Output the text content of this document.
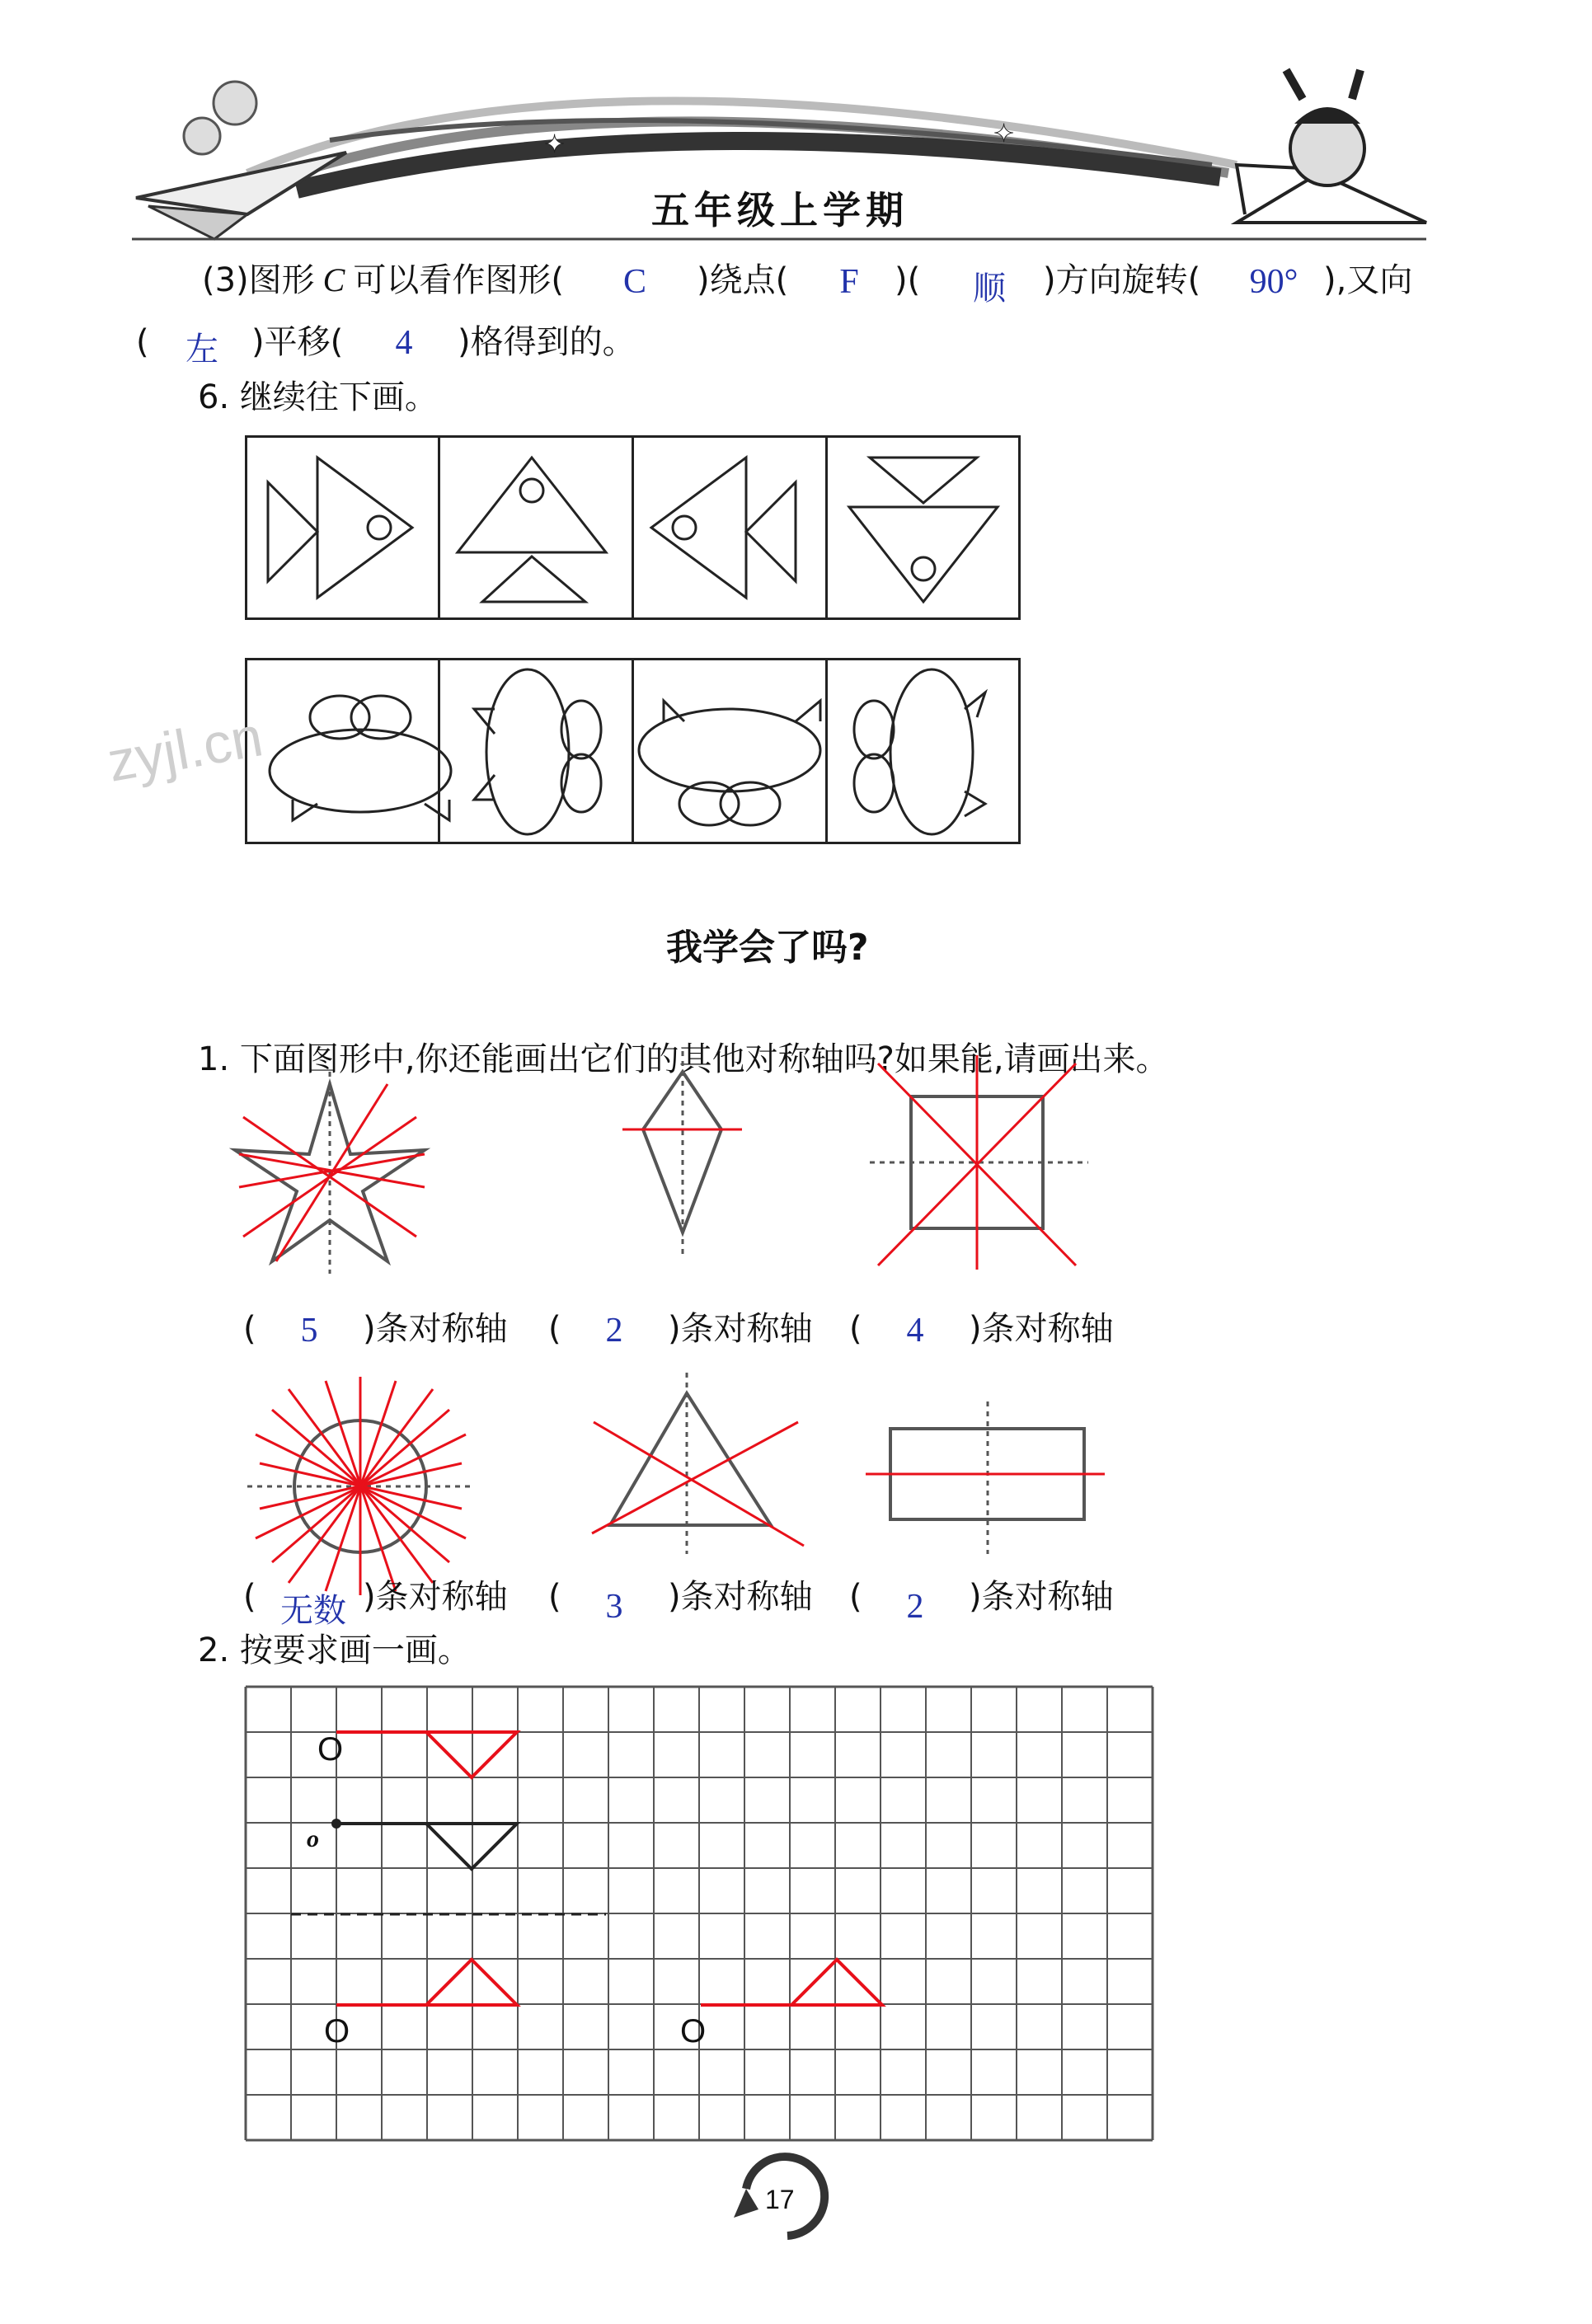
✦	✦
五年级上学期
(3)图形 C 可以看作图形(	C	)绕点(	F	)( 顺 )方向旋转(	90° ),又向
( 左 )平移(	4	)格得到的。
6. 继续往下画。
zyjl.cn
我学会了吗?
1. 下面图形中,你还能画出它们的其他对称轴吗?如果能,请画出来。
(	5	)条对称轴 (	2	)条对称轴 (	4	)条对称轴
( 无数 )条对称轴 (	3	)条对称轴 (	2	)条对称轴
2. 按要求画一画。
O
o
O	O
17
